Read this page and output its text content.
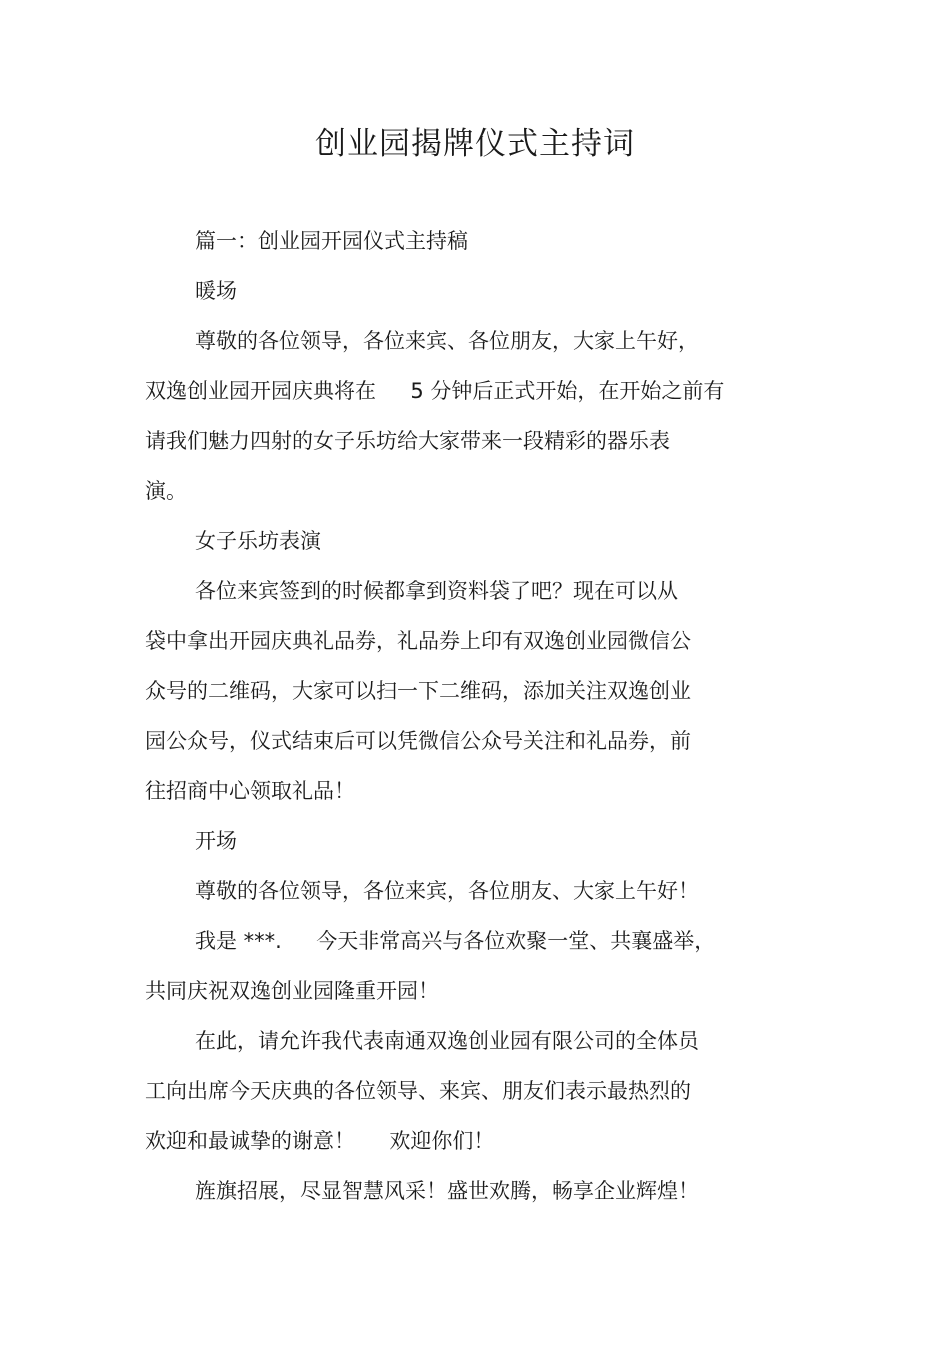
创业园揭牌仪式主持词
篇一：创业园开园仪式主持稿
暖场
尊敬的各位领导，各位来宾、各位朋友，大家上午好，
双逸创业园开园庆典将在　  5 分钟后正式开始，在开始之前有
请我们魅力四射的女子乐坊给大家带来一段精彩的器乐表
演。
女子乐坊表演
各位来宾签到的时候都拿到资料袋了吧？现在可以从
袋中拿出开园庆典礼品券，礼品券上印有双逸创业园微信公
众号的二维码，大家可以扫一下二维码，添加关注双逸创业
园公众号，仪式结束后可以凭微信公众号关注和礼品券，前
往招商中心领取礼品！
开场
尊敬的各位领导，各位来宾，各位朋友、大家上午好！
我是 ***.　  今天非常高兴与各位欢聚一堂、共襄盛举，
共同庆祝双逸创业园隆重开园！
在此，请允许我代表南通双逸创业园有限公司的全体员
工向出席今天庆典的各位领导、来宾、朋友们表示最热烈的
欢迎和最诚挚的谢意！　  欢迎你们！
旌旗招展，尽显智慧风采！盛世欢腾，畅享企业辉煌！
